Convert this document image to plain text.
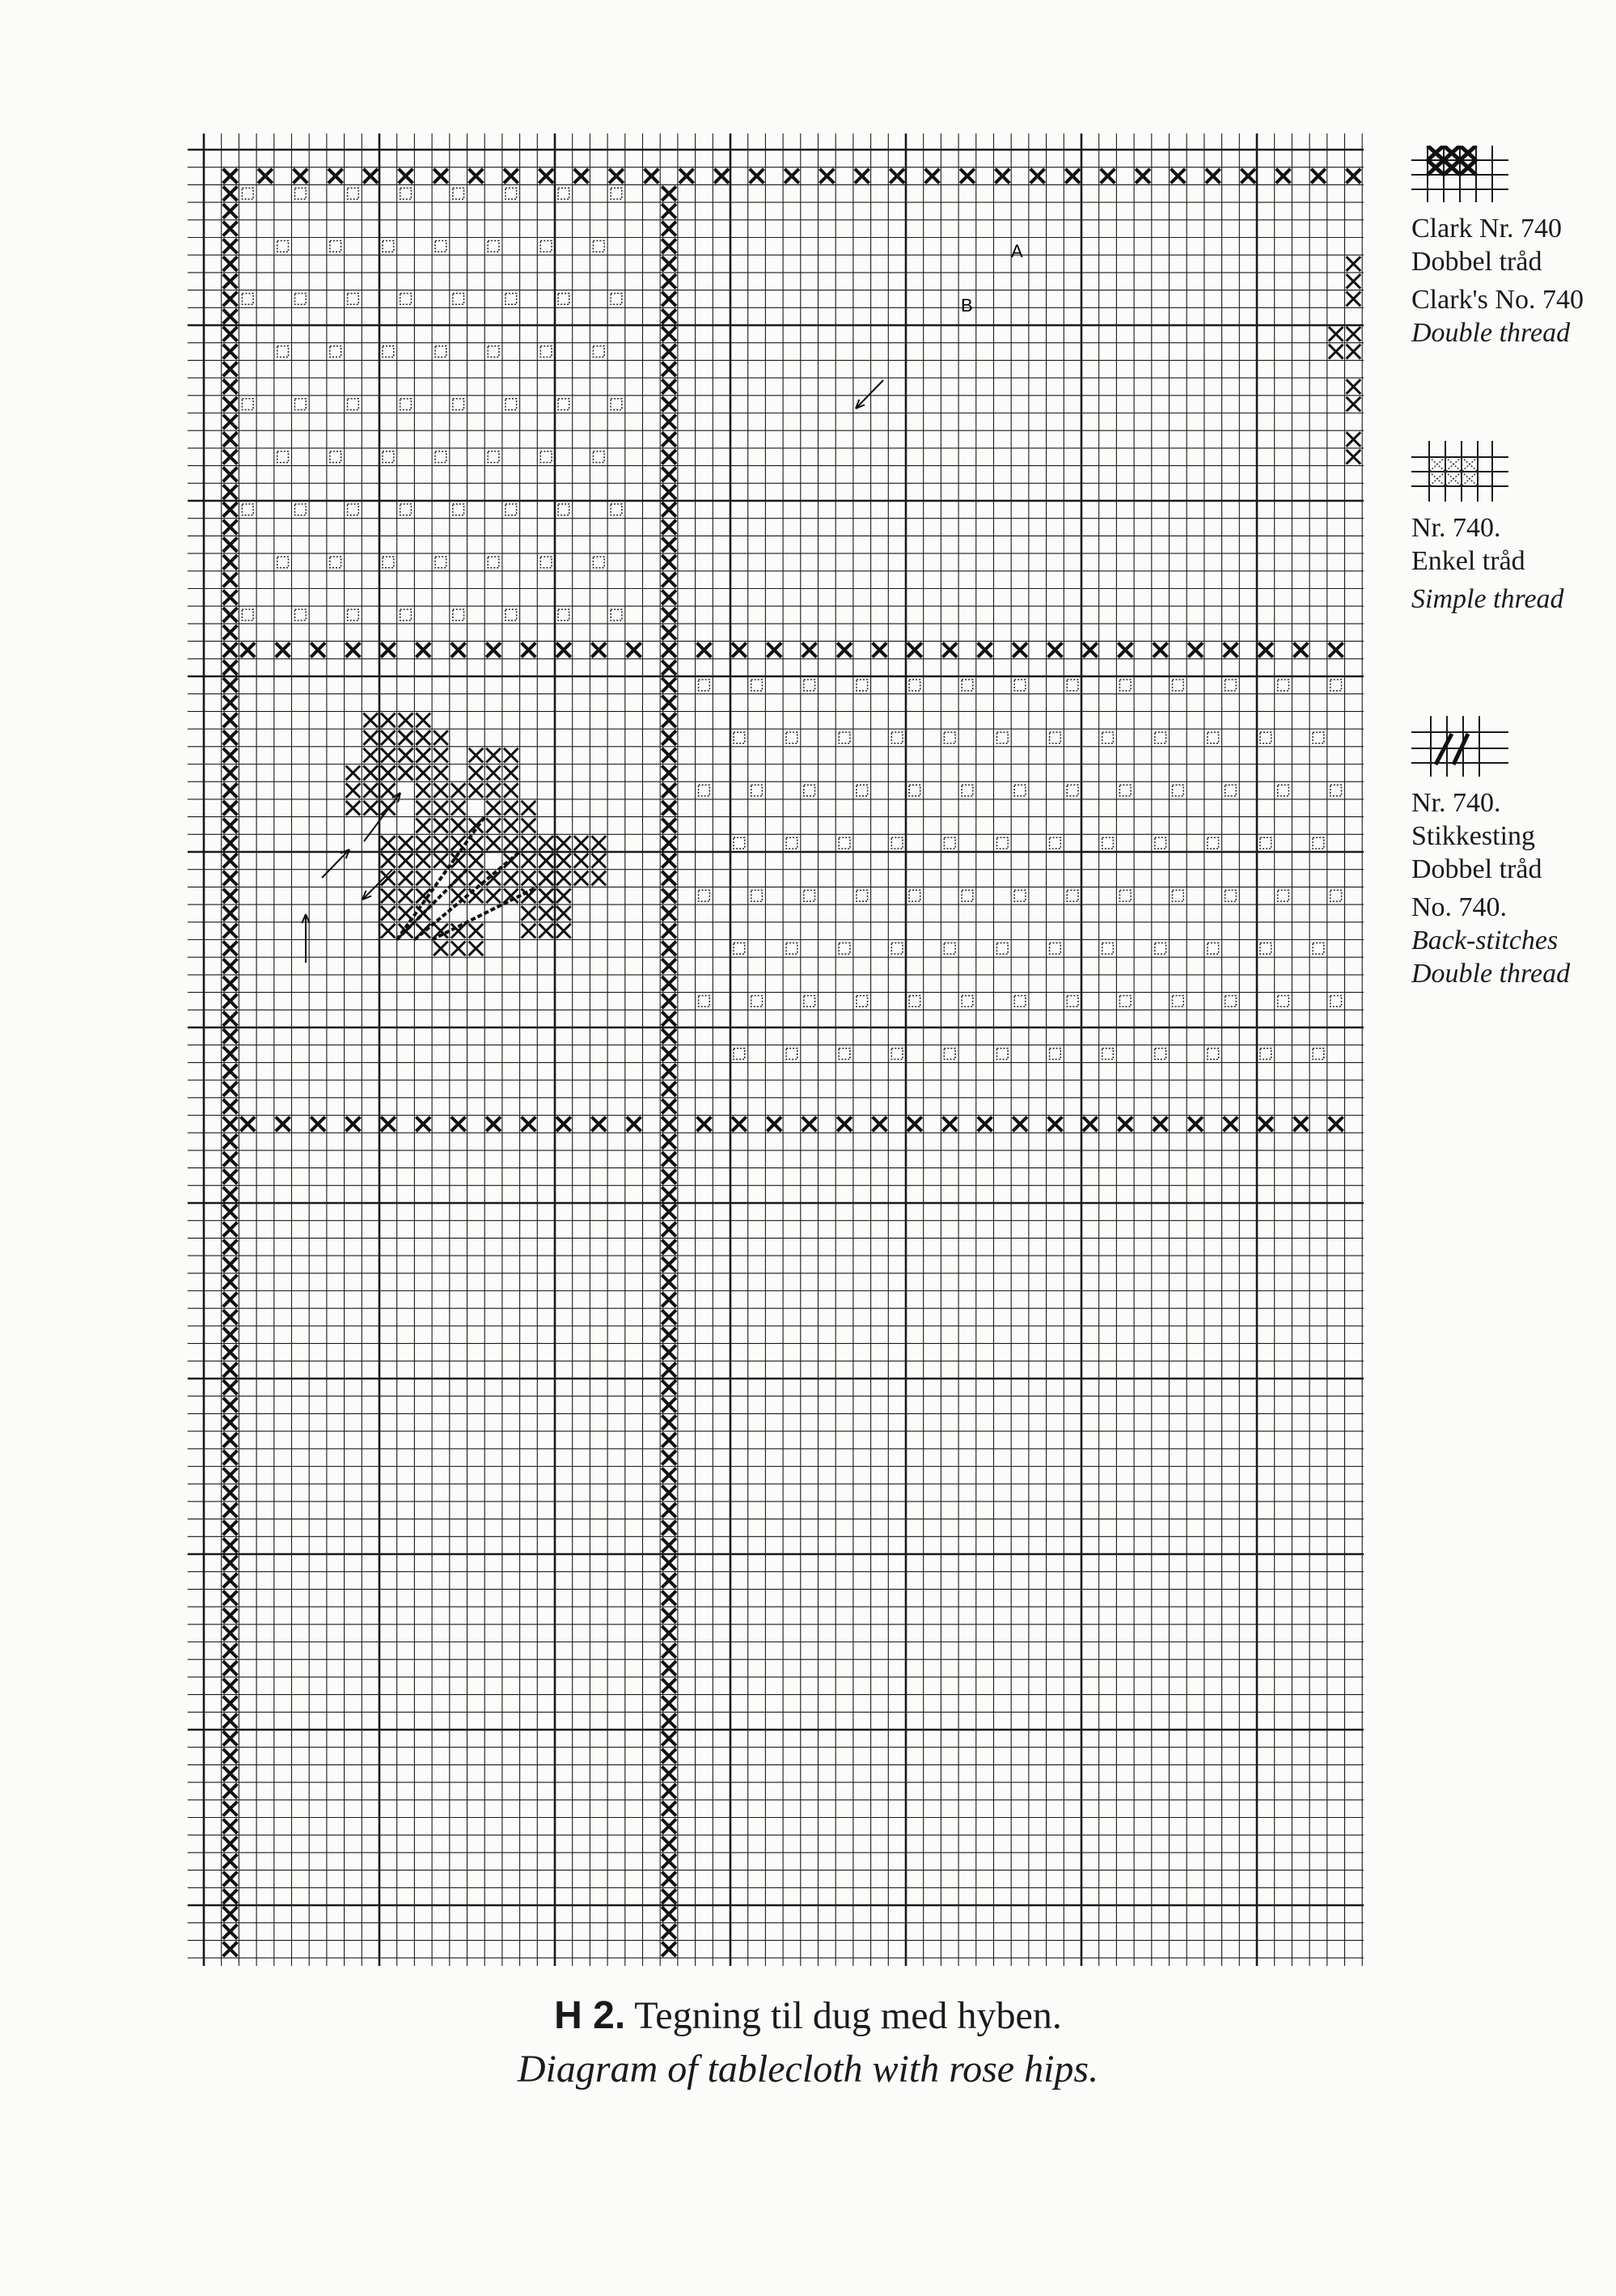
A
B
Clark Nr. 740
Dobbel tråd
Clark's No. 740
Double thread
Nr. 740.
Enkel tråd
Simple thread
Nr. 740.
Stikkesting
Dobbel tråd
No. 740.
Back-stitches
Double thread
H 2. Tegning til dug med hyben.
Diagram of tablecloth with rose hips.
